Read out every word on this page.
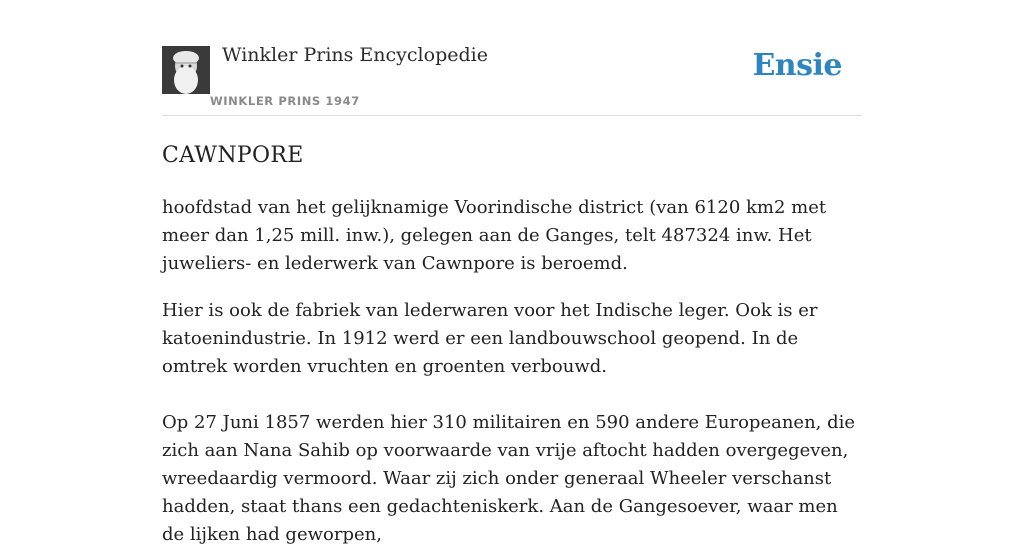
Winkler Prins Encyclopedie
WINKLER PRINS 1947
Ensie
CAWNPORE

hoofdstad van het gelijknamige Voorindische district (van 6120 km2 met meer dan 1,25 mill. inw.), gelegen aan de Ganges, telt 487324 inw. Het juweliers- en lederwerk van Cawnpore is beroemd.

Hier is ook de fabriek van lederwaren voor het Indische leger. Ook is er katoenindustrie. In 1912 werd er een landbouwschool geopend. In de omtrek worden vruchten en groenten verbouwd.

Op 27 Juni 1857 werden hier 310 militairen en 590 andere Europeanen, die zich aan Nana Sahib op voorwaarde van vrije aftocht hadden overgegeven, wreedaardig vermoord. Waar zij zich onder generaal Wheeler verschanst hadden, staat thans een gedachteniskerk. Aan de Gangesoever, waar men de lijken had geworpen,
